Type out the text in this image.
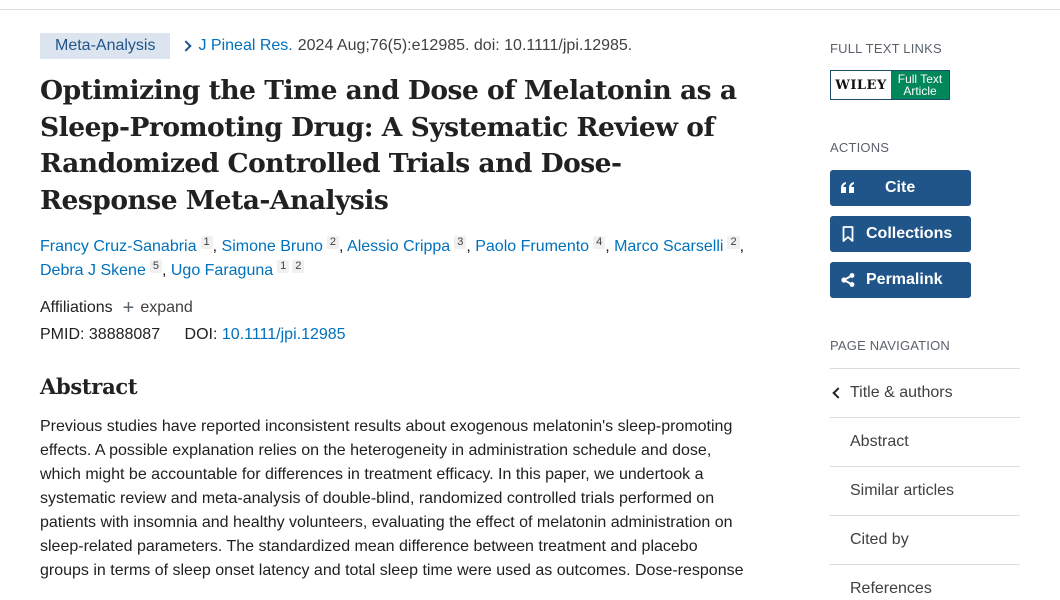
Meta-Analysis	J Pineal Res. 2024 Aug;76(5):e12985. doi: 10.1111/jpi.12985.
Optimizing the Time and Dose of Melatonin as a Sleep-Promoting Drug: A Systematic Review of Randomized Controlled Trials and Dose-Response Meta-Analysis
Francy Cruz-Sanabria 1 , Simone Bruno 2 , Alessio Crippa 3 , Paolo Frumento 4 , Marco Scarselli 2 ,
Debra J Skene 5 , Ugo Faraguna 1 2
Affiliations + expand
PMID: 38888087 DOI: 10.1111/jpi.12985
Abstract
Previous studies have reported inconsistent results about exogenous melatonin's sleep-promoting
effects. A possible explanation relies on the heterogeneity in administration schedule and dose,
which might be accountable for differences in treatment efficacy. In this paper, we undertook a
systematic review and meta-analysis of double-blind, randomized controlled trials performed on
patients with insomnia and healthy volunteers, evaluating the effect of melatonin administration on
sleep-related parameters. The standardized mean difference between treatment and placebo
groups in terms of sleep onset latency and total sleep time were used as outcomes. Dose-response
FULL TEXT LINKS
WILEY Full Text
Article
ACTIONS
Cite
Collections
Permalink
PAGE NAVIGATION
Title & authors
Abstract
Similar articles
Cited by
References
